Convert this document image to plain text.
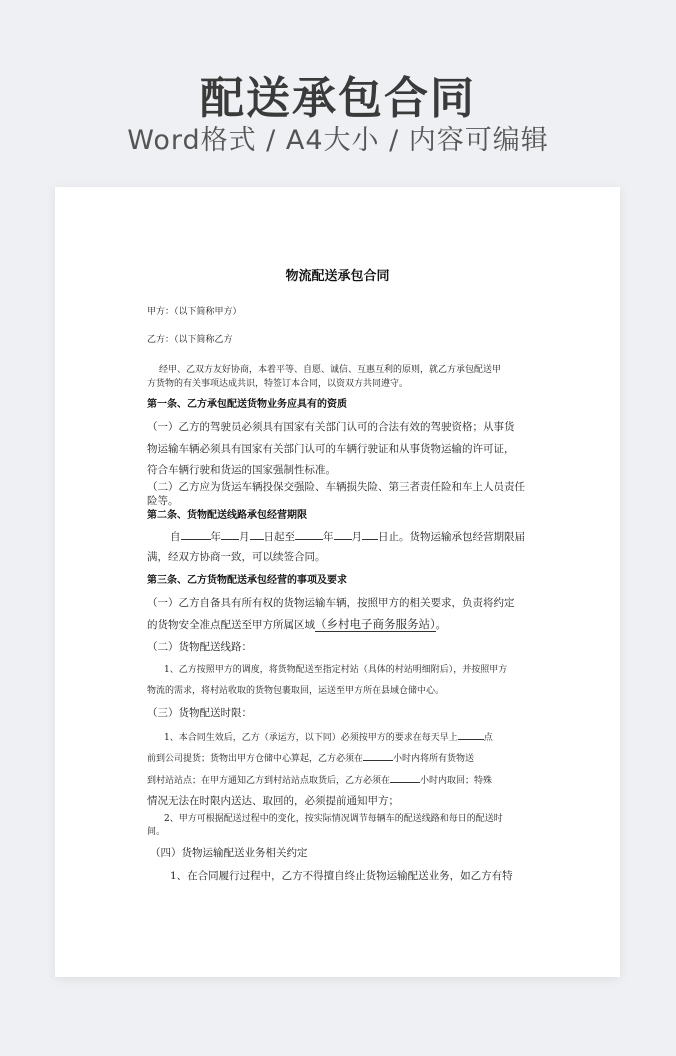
配送承包合同
Word格式 / A4大小 / 内容可编辑
物流配送承包合同
甲方：（以下简称甲方）
乙方：（以下简称乙方
经甲、乙双方友好协商，本着平等、自愿、诚信、互惠互利的原则，就乙方承包配送甲
方货物的有关事项达成共识，特签订本合同，以资双方共同遵守。
第一条、乙方承包配送货物业务应具有的资质
（一）乙方的驾驶员必须具有国家有关部门认可的合法有效的驾驶资格；从事货
物运输车辆必须具有国家有关部门认可的车辆行驶证和从事货物运输的许可证，
符合车辆行驶和货运的国家强制性标准。
（二）乙方应为货运车辆投保交强险、车辆损失险、第三者责任险和车上人员责任险等。
第二条、货物配送线路承包经营期限
自	年 月 日起至	年 月 日止。货物运输承包经营期限届
满，经双方协商一致，可以续签合同。
第三条、乙方货物配送承包经营的事项及要求
（一）乙方自备具有所有权的货物运输车辆，按照甲方的相关要求，负责将约定
的货物安全准点配送至甲方所属区域（乡村电子商务服务站）。
（二）货物配送线路：
1、乙方按照甲方的调度，将货物配送至指定村站（具体的村站明细附后），并按照甲方
物流的需求，将村站收取的货物包裹取回，运送至甲方所在县域仓储中心。
（三）货物配送时限：
1、本合同生效后，乙方（承运方，以下同）必须按甲方的要求在每天早上	点
前到公司提货；货物出甲方仓储中心算起，乙方必须在	小时内将所有货物送
到村站站点；在甲方通知乙方到村站站点取货后，乙方必须在	小时内取回；特殊
情况无法在时限内送达、取回的，必须提前通知甲方；
2、甲方可根据配送过程中的变化，按实际情况调节每辆车的配送线路和每日的配送时
间。
（四）货物运输配送业务相关约定
1、在合同履行过程中，乙方不得擅自终止货物运输配送业务，如乙方有特
